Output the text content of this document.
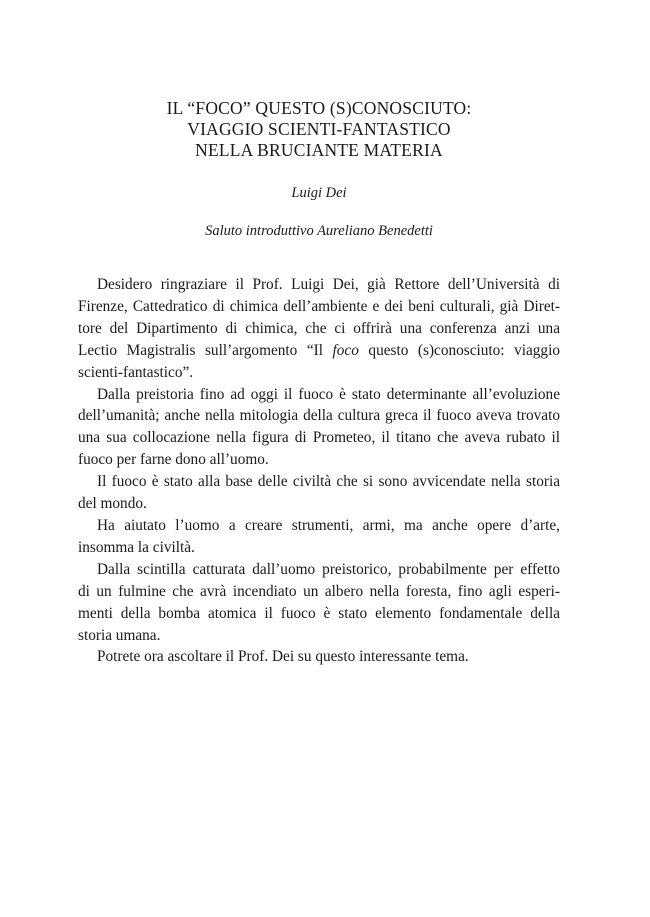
IL “FOCO” QUESTO (S)CONOSCIUTO:
VIAGGIO SCIENTI-FANTASTICO
NELLA BRUCIANTE MATERIA
Luigi Dei
Saluto introduttivo Aureliano Benedetti

Desidero ringraziare il Prof. Luigi Dei, già Rettore dell’Università di
Firenze, Cattedratico di chimica dell’ambiente e dei beni culturali, già Diret-
tore del Dipartimento di chimica, che ci offrirà una conferenza anzi una
Lectio Magistralis sull’argomento “Il foco questo (s)conosciuto: viaggio
scienti-fantastico”.

Dalla preistoria fino ad oggi il fuoco è stato determinante all’evoluzione
dell’umanità; anche nella mitologia della cultura greca il fuoco aveva trovato
una sua collocazione nella figura di Prometeo, il titano che aveva rubato il
fuoco per farne dono all’uomo.

Il fuoco è stato alla base delle civiltà che si sono avvicendate nella storia
del mondo.

Ha aiutato l’uomo a creare strumenti, armi, ma anche opere d’arte,
insomma la civiltà.

Dalla scintilla catturata dall’uomo preistorico, probabilmente per effetto
di un fulmine che avrà incendiato un albero nella foresta, fino agli esperi-
menti della bomba atomica il fuoco è stato elemento fondamentale della
storia umana.

Potrete ora ascoltare il Prof. Dei su questo interessante tema.
